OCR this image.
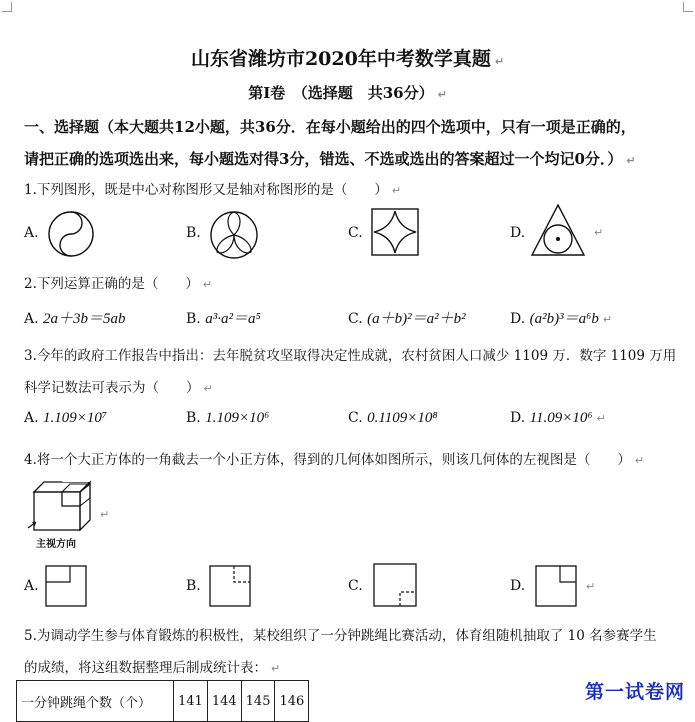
山东省潍坊市2020年中考数学真题 ↵
第Ⅰ卷　（选择题　共36分） ↵
一、选择题（本大题共12小题，共36分．在每小题给出的四个选项中，只有一项是正确的，
请把正确的选项选出来，每小题选对得3分，错选、不选或选出的答案超过一个均记0分．） ↵
1.下列图形，既是中心对称图形又是轴对称图形的是（　　） ↵
A.	B.	C.	D.	↵
2.下列运算正确的是（　　） ↵
A. 2a＋3b＝5ab	B. a³·a²＝a⁵	C. (a＋b)²＝a²＋b²	D. (a²b)³＝a⁶b ↵
3.今年的政府工作报告中指出：去年脱贫攻坚取得决定性成就，农村贫困人口减少 1109 万．数字 1109 万用
科学记数法可表示为（　　） ↵
A. 1.109×10⁷	B. 1.109×10⁶	C. 0.1109×10⁸	D. 11.09×10⁶ ↵
4.将一个大正方体的一角截去一个小正方体，得到的几何体如图所示，则该几何体的左视图是（　　） ↵
主视方向
↵
A.	B.	C.	D.	↵
5.为调动学生参与体育锻炼的积极性，某校组织了一分钟跳绳比赛活动，体育组随机抽取了 10 名参赛学生
的成绩，将这组数据整理后制成统计表： ↵
一分钟跳绳个数（个）	141	144	145	146	第一试卷网
